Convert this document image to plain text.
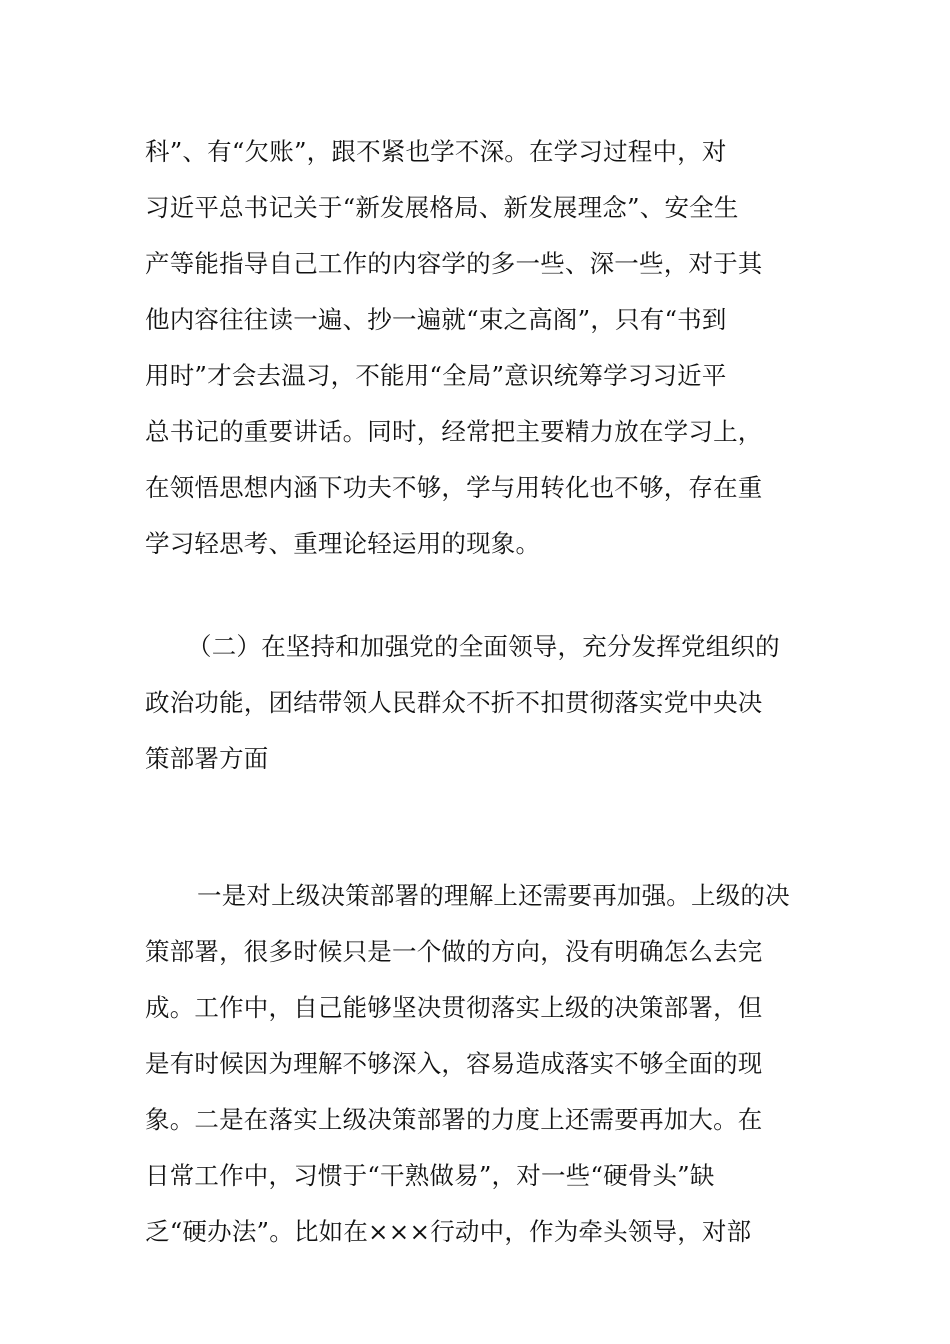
科”、有“欠账”，跟不紧也学不深。在学习过程中，对
习近平总书记关于“新发展格局、新发展理念”、安全生
产等能指导自己工作的内容学的多一些、深一些，对于其
他内容往往读一遍、抄一遍就“束之高阁”，只有“书到
用时”才会去温习，不能用“全局”意识统筹学习习近平
总书记的重要讲话。同时，经常把主要精力放在学习上，
在领悟思想内涵下功夫不够，学与用转化也不够，存在重
学习轻思考、重理论轻运用的现象。
（二）在坚持和加强党的全面领导，充分发挥党组织的
政治功能，团结带领人民群众不折不扣贯彻落实党中央决
策部署方面
一是对上级决策部署的理解上还需要再加强。上级的决
策部署，很多时候只是一个做的方向，没有明确怎么去完
成。工作中，自己能够坚决贯彻落实上级的决策部署，但
是有时候因为理解不够深入，容易造成落实不够全面的现
象。二是在落实上级决策部署的力度上还需要再加大。在
日常工作中，习惯于“干熟做易”，对一些“硬骨头”缺
乏“硬办法”。比如在×××行动中，作为牵头领导，对部
